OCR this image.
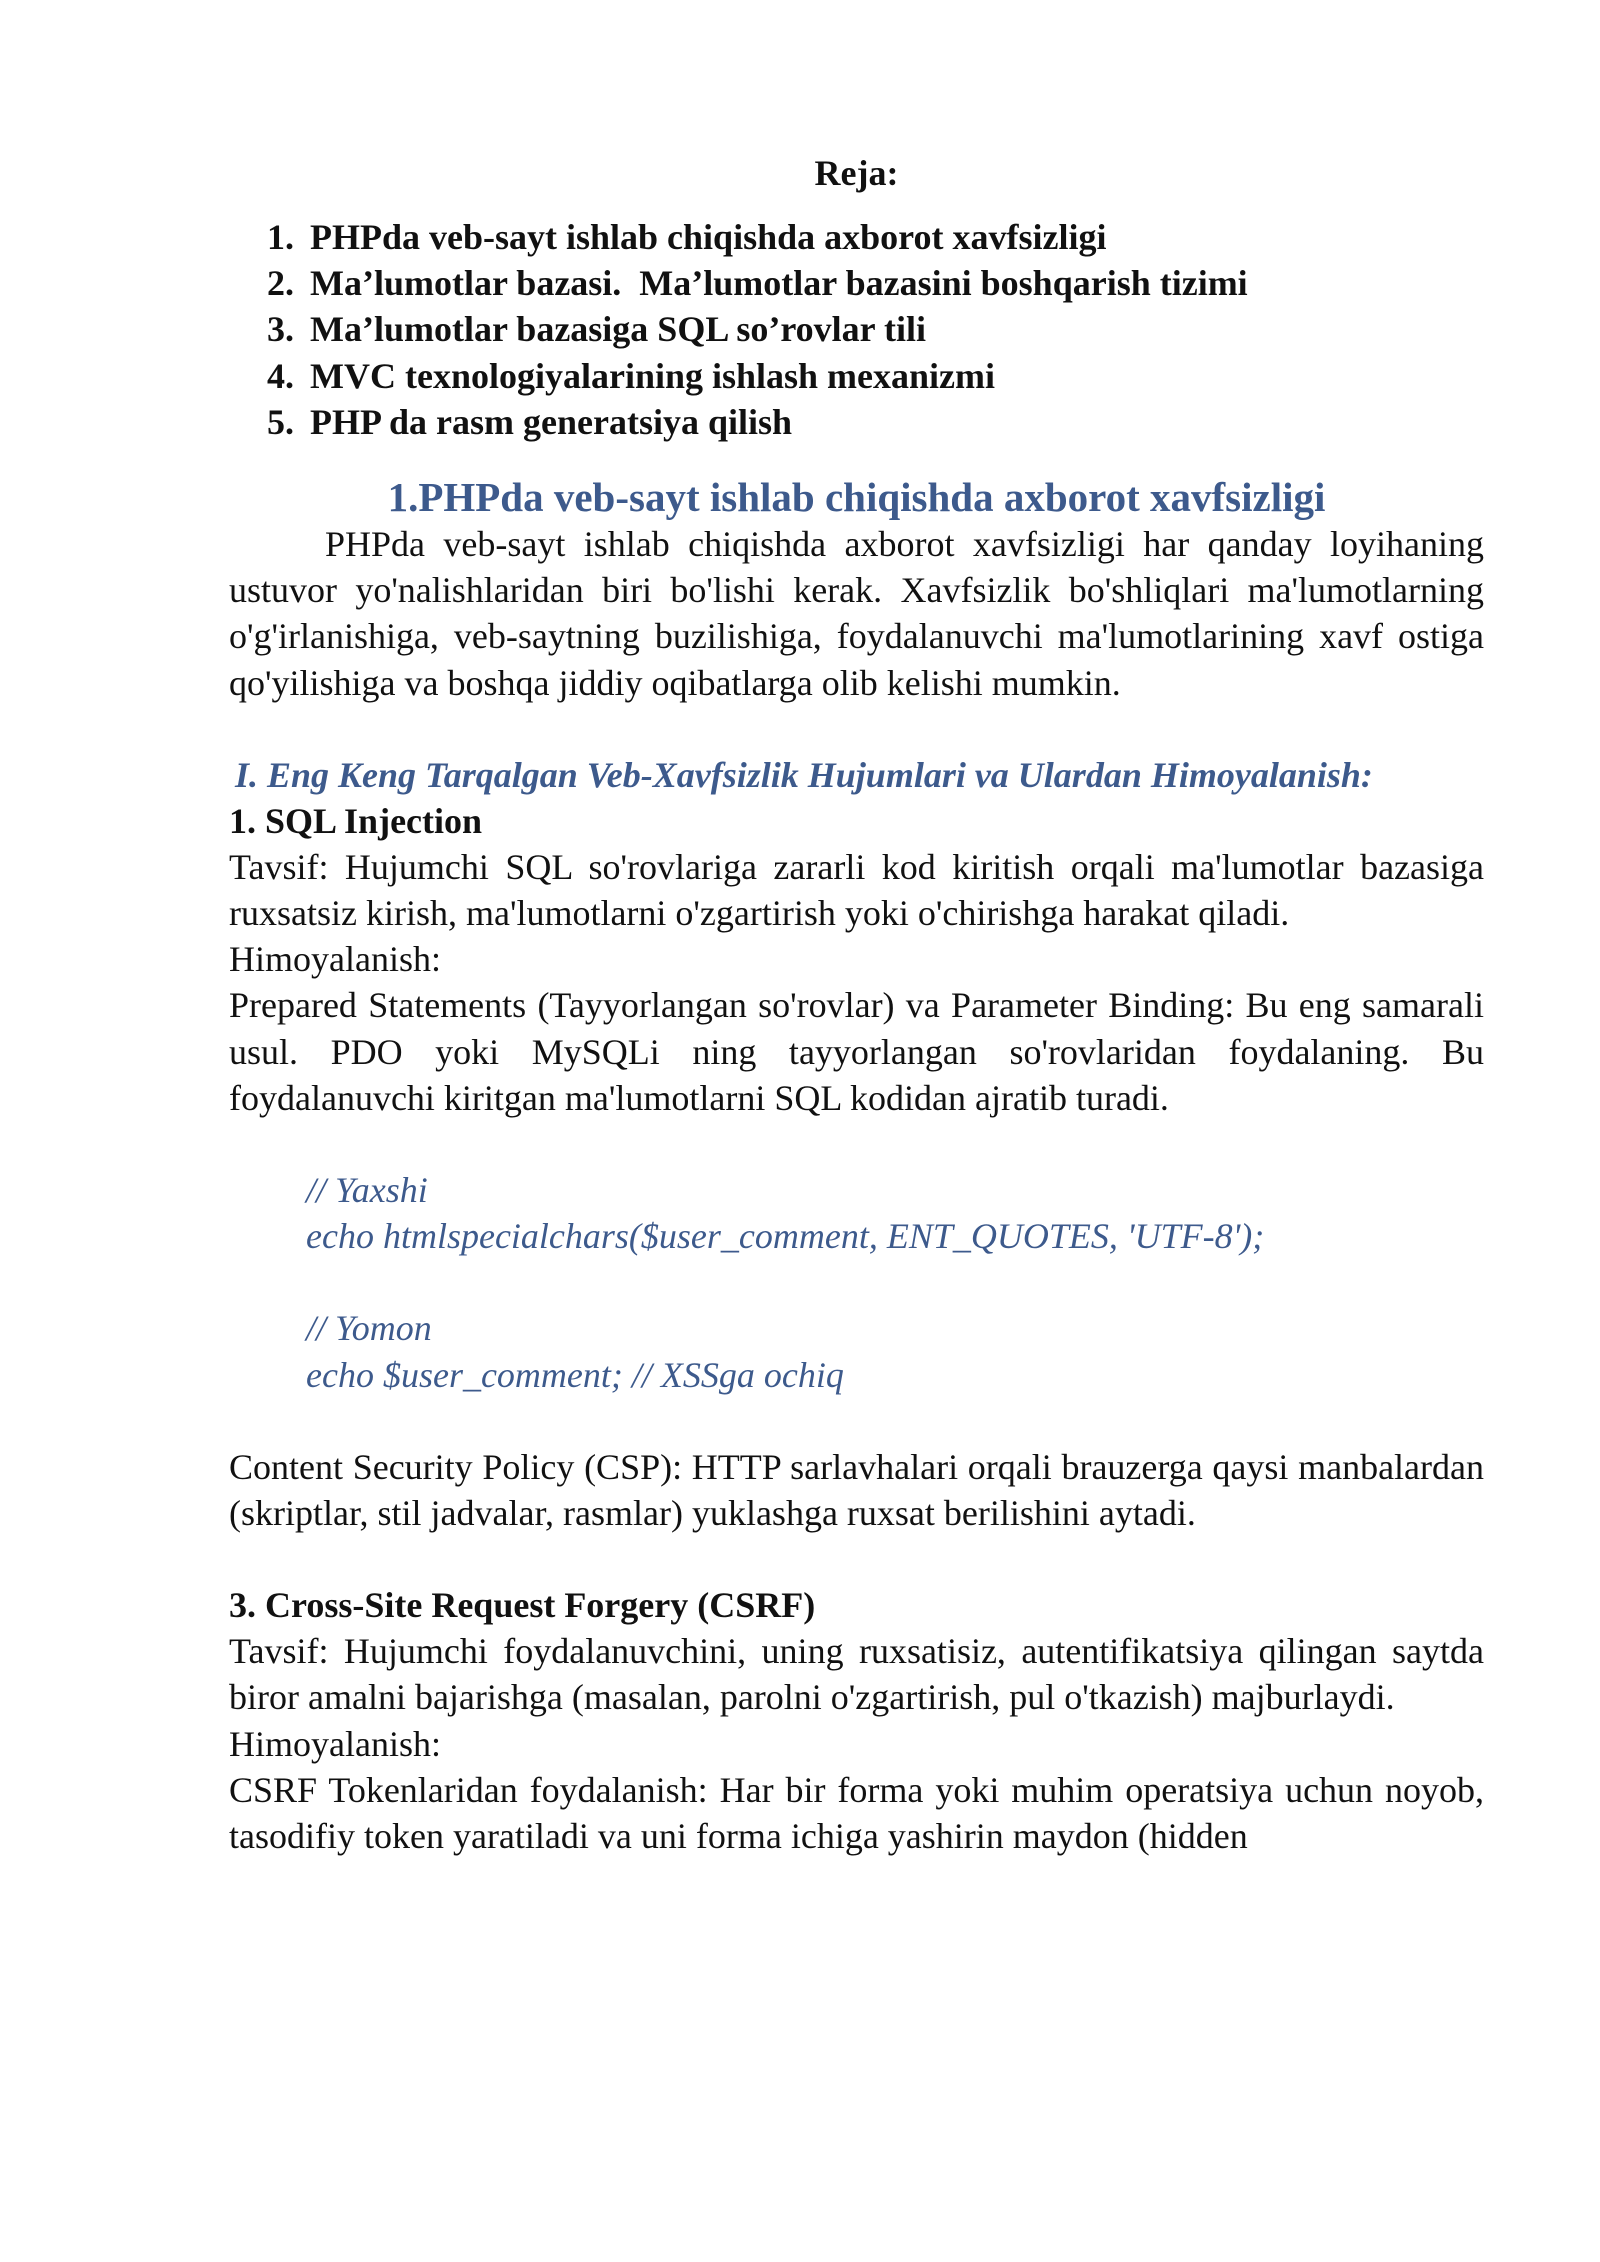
Reja:
1. PHPda veb-sayt ishlab chiqishda axborot xavfsizligi
2. Ma’lumotlar bazasi.  Ma’lumotlar bazasini boshqarish tizimi
3. Ma’lumotlar bazasiga SQL so’rovlar tili
4. MVC texnologiyalarining ishlash mexanizmi
5. PHP da rasm generatsiya qilish
1.PHPda veb-sayt ishlab chiqishda axborot xavfsizligi

PHPda veb-sayt ishlab chiqishda axborot xavfsizligi har qanday loyihaning ustuvor yo'nalishlaridan biri bo'lishi kerak. Xavfsizlik bo'shliqlari ma'lumotlarning o'g'irlanishiga, veb-saytning buzilishiga, foydalanuvchi ma'lumotlarining xavf ostiga qo'yilishiga va boshqa jiddiy oqibatlarga olib kelishi mumkin.

I. Eng Keng Tarqalgan Veb-Xavfsizlik Hujumlari va Ulardan Himoyalanish:
1. SQL Injection

Tavsif: Hujumchi SQL so'rovlariga zararli kod kiritish orqali ma'lumotlar bazasiga ruxsatsiz kirish, ma'lumotlarni o'zgartirish yoki o'chirishga harakat qiladi.

Himoyalanish:

Prepared Statements (Tayyorlangan so'rovlar) va Parameter Binding: Bu eng samarali usul. PDO yoki MySQLi ning tayyorlangan so'rovlaridan foydalaning. Bu foydalanuvchi kiritgan ma'lumotlarni SQL kodidan ajratib turadi.

// Yaxshi

echo htmlspecialchars($user_comment, ENT_QUOTES, 'UTF-8');

// Yomon

echo $user_comment; // XSSga ochiq

Content Security Policy (CSP): HTTP sarlavhalari orqali brauzerga qaysi manbalardan (skriptlar, stil jadvalar, rasmlar) yuklashga ruxsat berilishini aytadi.

3. Cross-Site Request Forgery (CSRF)

Tavsif: Hujumchi foydalanuvchini, uning ruxsatisiz, autentifikatsiya qilingan saytda biror amalni bajarishga (masalan, parolni o'zgartirish, pul o'tkazish) majburlaydi.

Himoyalanish:

CSRF Tokenlaridan foydalanish: Har bir forma yoki muhim operatsiya uchun noyob, tasodifiy token yaratiladi va uni forma ichiga yashirin maydon (hidden
